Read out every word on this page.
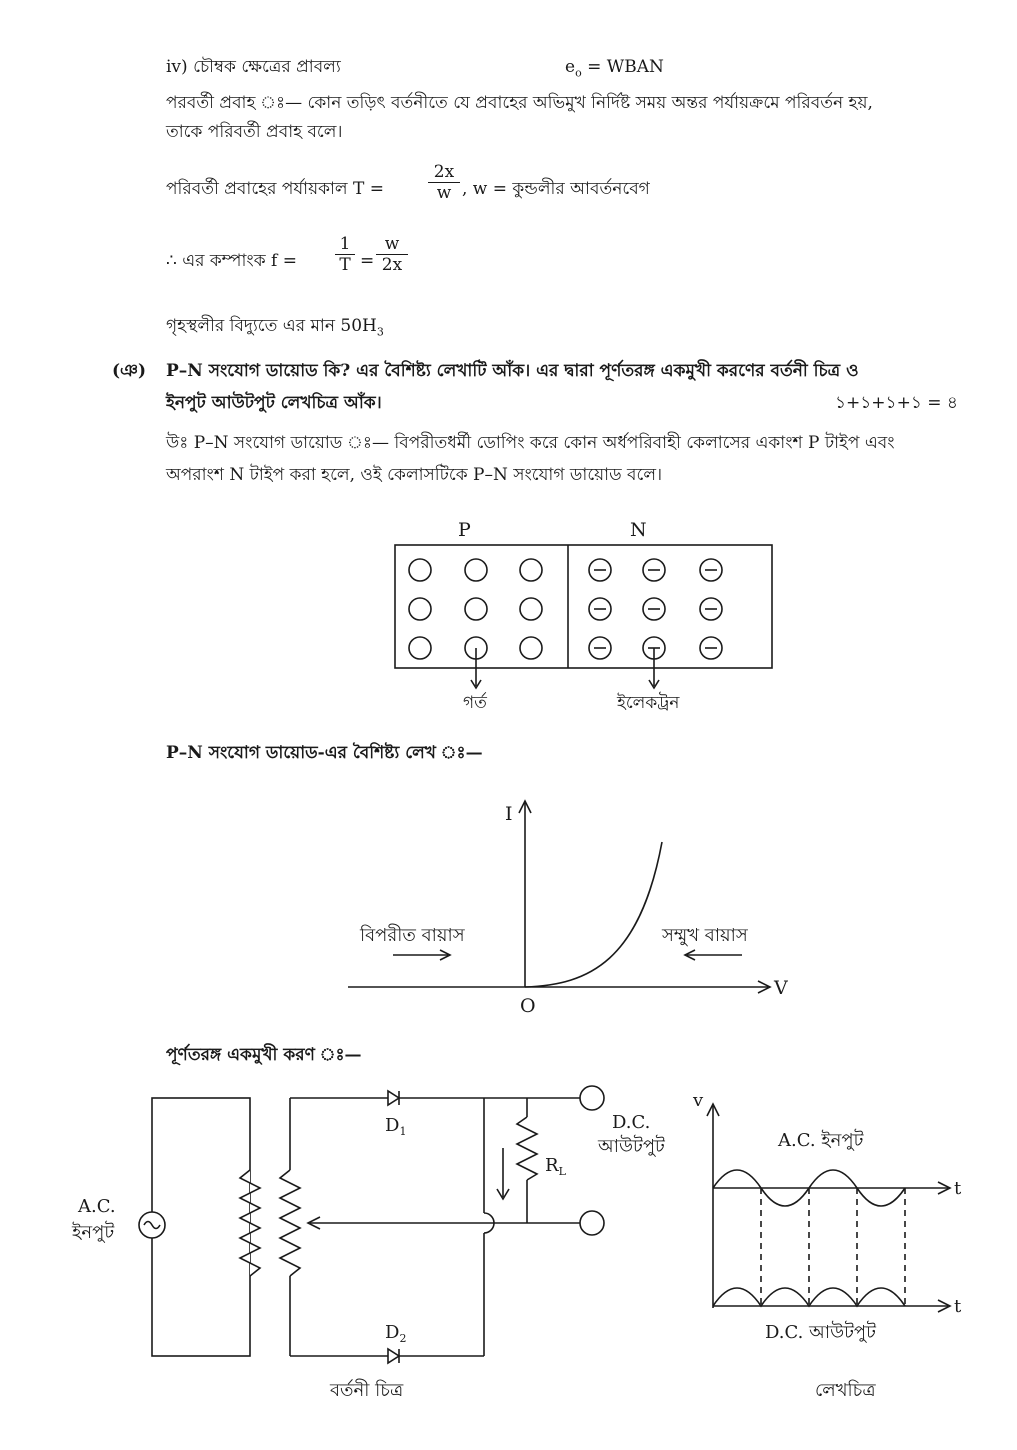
iv) চৌম্বক ক্ষেত্রের প্রাবল্য	$e_o$ = WBAN
পরবর্তী প্রবাহ ঃ— কোন তড়িৎ বর্তনীতে যে প্রবাহের অভিমুখ নির্দিষ্ট সময় অন্তর পর্যায়ক্রমে পরিবর্তন হয়,
তাকে পরিবর্তী প্রবাহ বলে।
পরিবর্তী প্রবাহের পর্যায়কাল T =	$\frac{2x}{w}$ , w = কুন্ডলীর আবর্তনবেগ
∴ এর কম্পাংক $f = \frac{1}{T} = \frac{w}{2x}$
গৃহস্থলীর বিদ্যুতে এর মান $50H_3$
(ঞ) P–N সংযোগ ডায়োড কি? এর বৈশিষ্ট্য লেখাটি আঁক। এর দ্বারা পূর্ণতরঙ্গ একমুখী করণের বর্তনী চিত্র ও
ইনপুট আউটপুট লেখচিত্র আঁক।	১+১+১+১ = ৪
উঃ P–N সংযোগ ডায়োড ঃ— বিপরীতধর্মী ডোপিং করে কোন অর্ধপরিবাহী কেলাসের একাংশ P টাইপ এবং
অপরাংশ N টাইপ করা হলে, ওই কেলাসটিকে P–N সংযোগ ডায়োড বলে।
P	N
গর্ত	ইলেকট্রন
I
V
O
বিপরীত বায়াস	সম্মুখ বায়াস
$D_1$
$D_2$
$R_L$
D.C.
আউটপুট
A.C.
ইনপুট
বর্তনী চিত্র
v
t
t
A.C. ইনপুট
D.C. আউটপুট
লেখচিত্র
P–N সংযোগ ডায়োড-এর বৈশিষ্ট্য লেখ ঃ—
পূর্ণতরঙ্গ একমুখী করণ ঃ—
